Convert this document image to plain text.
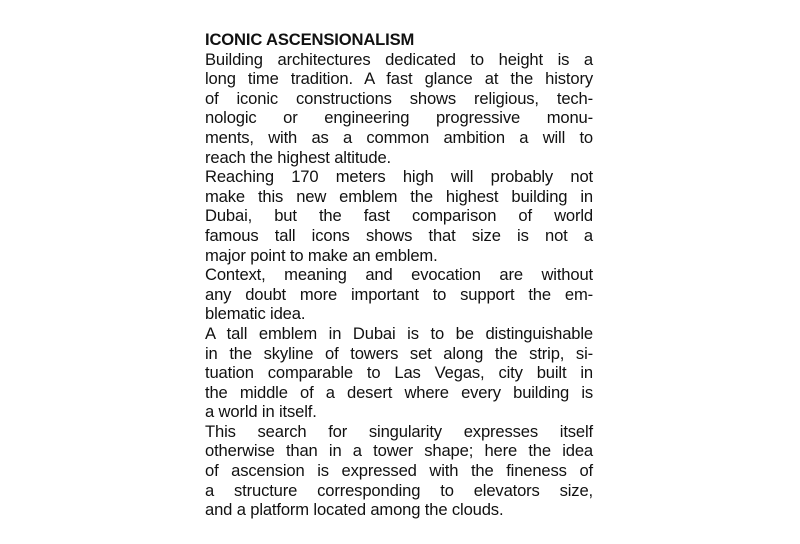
ICONIC ASCENSIONALISM
Building architectures dedicated to height is a
long time tradition. A fast glance at the history
of iconic constructions shows religious, tech-
nologic or engineering progressive monu-
ments, with as a common ambition a will to
reach the highest altitude.
Reaching 170 meters high will probably not
make this new emblem the highest building in
Dubai, but the fast comparison of world
famous tall icons shows that size is not a
major point to make an emblem.
Context, meaning and evocation are without
any doubt more important to support the em-
blematic idea.
A tall emblem in Dubai is to be distinguishable
in the skyline of towers set along the strip, si-
tuation comparable to Las Vegas, city built in
the middle of a desert where every building is
a world in itself.
This search for singularity expresses itself
otherwise than in a tower shape; here the idea
of ascension is expressed with the fineness of
a structure corresponding to elevators size,
and a platform located among the clouds.
